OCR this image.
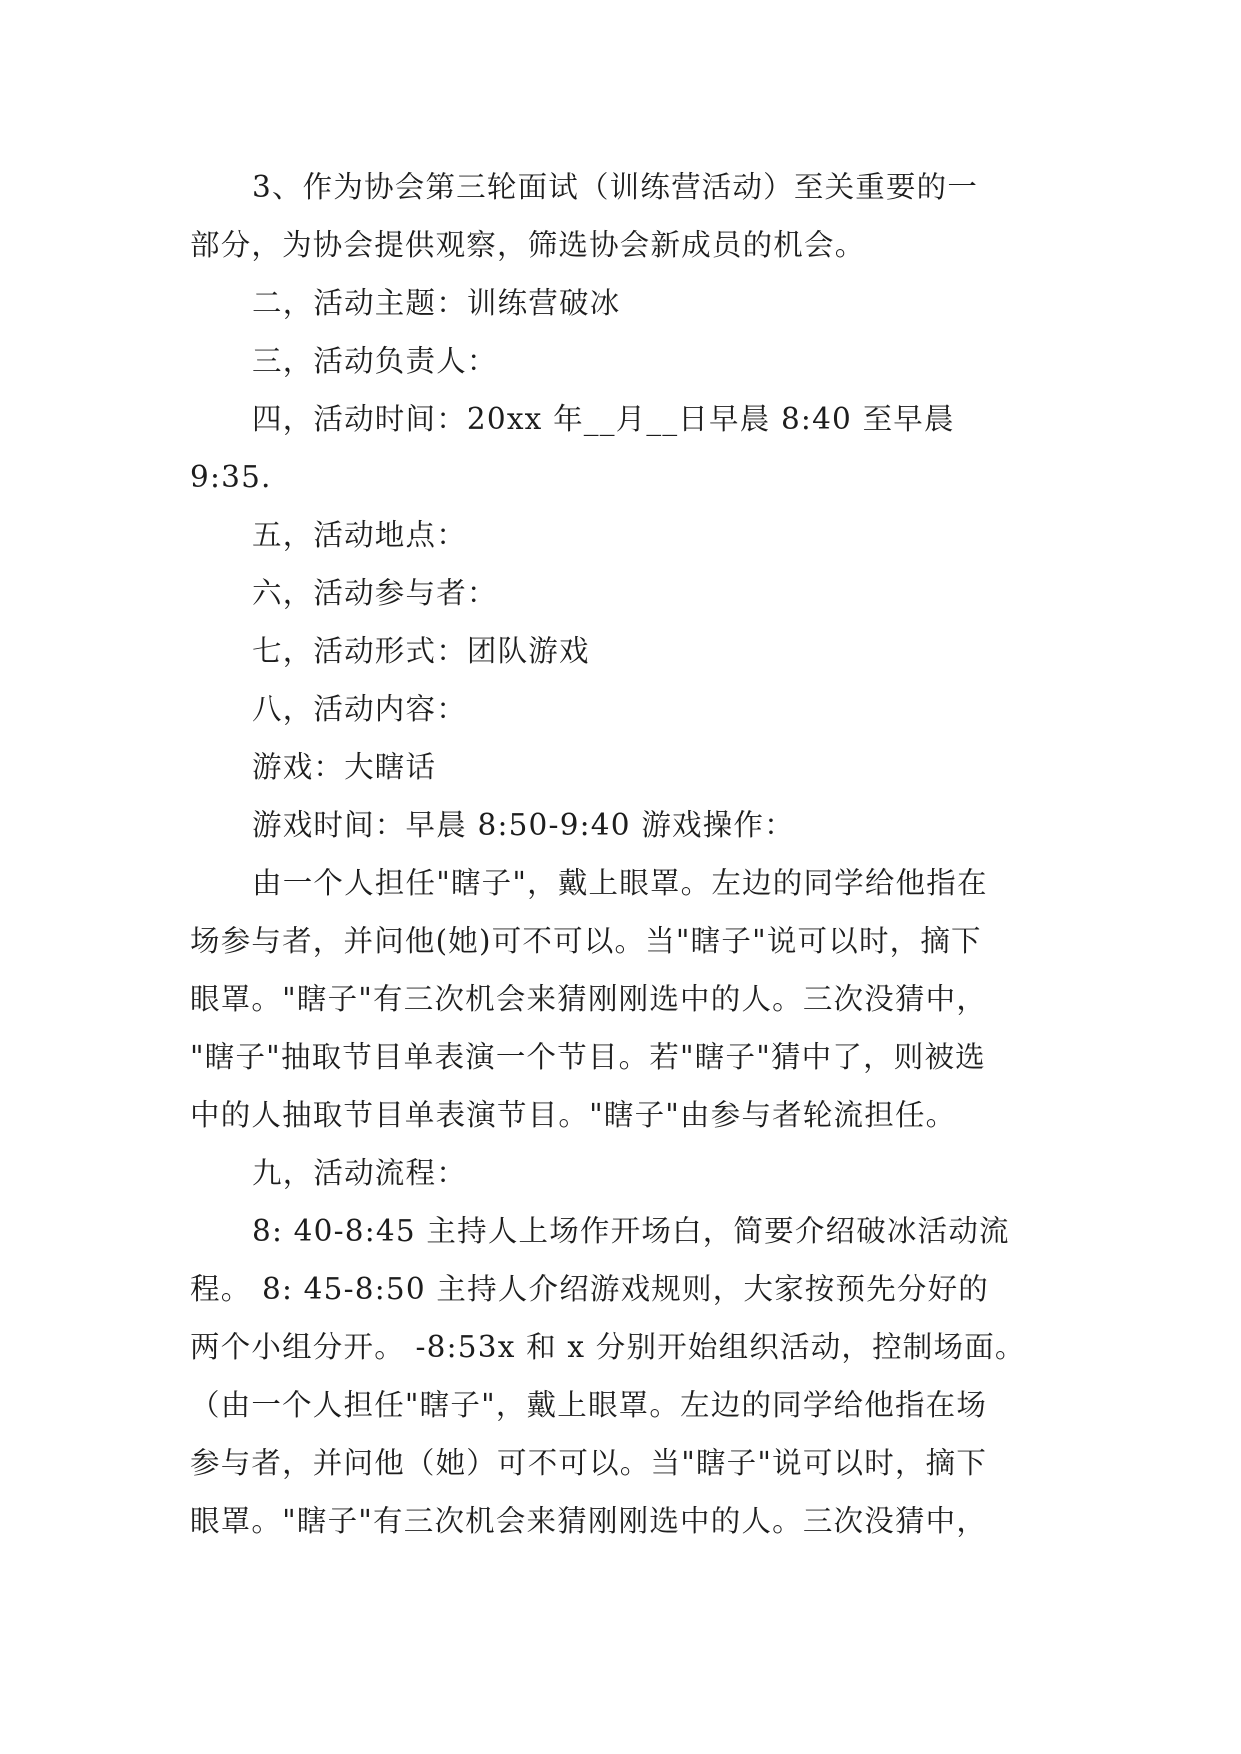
3、作为协会第三轮面试（训练营活动）至关重要的一
部分，为协会提供观察，筛选协会新成员的机会。
二，活动主题：训练营破冰
三，活动负责人：
四，活动时间：20xx 年__月__日早晨 8:40 至早晨
9:35.
五，活动地点：
六，活动参与者：
七，活动形式：团队游戏
八，活动内容：
游戏：大瞎话
游戏时间：早晨 8:50-9:40 游戏操作：
由一个人担任"瞎子"，戴上眼罩。左边的同学给他指在
场参与者，并问他(她)可不可以。当"瞎子"说可以时，摘下
眼罩。"瞎子"有三次机会来猜刚刚选中的人。三次没猜中，
"瞎子"抽取节目单表演一个节目。若"瞎子"猜中了，则被选
中的人抽取节目单表演节目。"瞎子"由参与者轮流担任。
九，活动流程：
8: 40-8:45 主持人上场作开场白，简要介绍破冰活动流
程。 8: 45-8:50 主持人介绍游戏规则，大家按预先分好的
两个小组分开。 -8:53x 和 x 分别开始组织活动，控制场面。
（由一个人担任"瞎子"，戴上眼罩。左边的同学给他指在场
参与者，并问他（她）可不可以。当"瞎子"说可以时，摘下
眼罩。"瞎子"有三次机会来猜刚刚选中的人。三次没猜中，
